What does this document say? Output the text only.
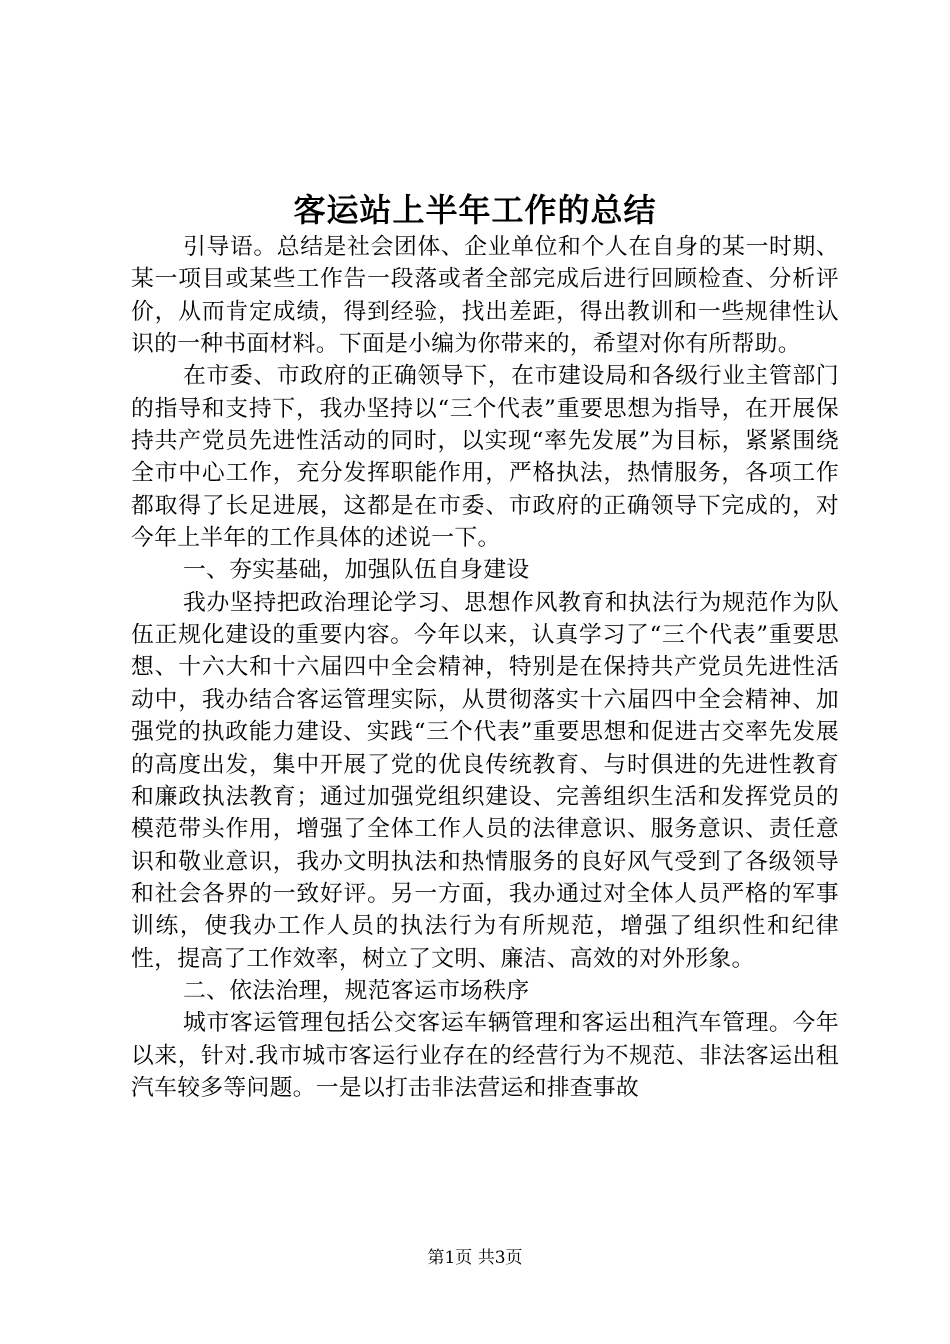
客运站上半年工作的总结

引导语。总结是社会团体、企业单位和个人在自身的某一时期、某一项目或某些工作告一段落或者全部完成后进行回顾检查、分析评价，从而肯定成绩，得到经验，找出差距，得出教训和一些规律性认识的一种书面材料。下面是小编为你带来的，希望对你有所帮助。

在市委、市政府的正确领导下，在市建设局和各级行业主管部门的指导和支持下，我办坚持以“三个代表”重要思想为指导，在开展保持共产党员先进性活动的同时，以实现“率先发展”为目标，紧紧围绕全市中心工作，充分发挥职能作用，严格执法，热情服务，各项工作都取得了长足进展，这都是在市委、市政府的正确领导下完成的，对今年上半年的工作具体的述说一下。

一、夯实基础，加强队伍自身建设

我办坚持把政治理论学习、思想作风教育和执法行为规范作为队伍正规化建设的重要内容。今年以来，认真学习了“三个代表”重要思想、十六大和十六届四中全会精神，特别是在保持共产党员先进性活动中，我办结合客运管理实际，从贯彻落实十六届四中全会精神、加强党的执政能力建设、实践“三个代表”重要思想和促进古交率先发展的高度出发，集中开展了党的优良传统教育、与时俱进的先进性教育和廉政执法教育；通过加强党组织建设、完善组织生活和发挥党员的模范带头作用，增强了全体工作人员的法律意识、服务意识、责任意识和敬业意识，我办文明执法和热情服务的良好风气受到了各级领导和社会各界的一致好评。另一方面，我办通过对全体人员严格的军事训练，使我办工作人员的执法行为有所规范，增强了组织性和纪律性，提高了工作效率，树立了文明、廉洁、高效的对外形象。

二、依法治理，规范客运市场秩序

城市客运管理包括公交客运车辆管理和客运出租汽车管理。今年以来，针对.我市城市客运行业存在的经营行为不规范、非法客运出租汽车较多等问题。一是以打击非法营运和排查事故

第1页 共3页
